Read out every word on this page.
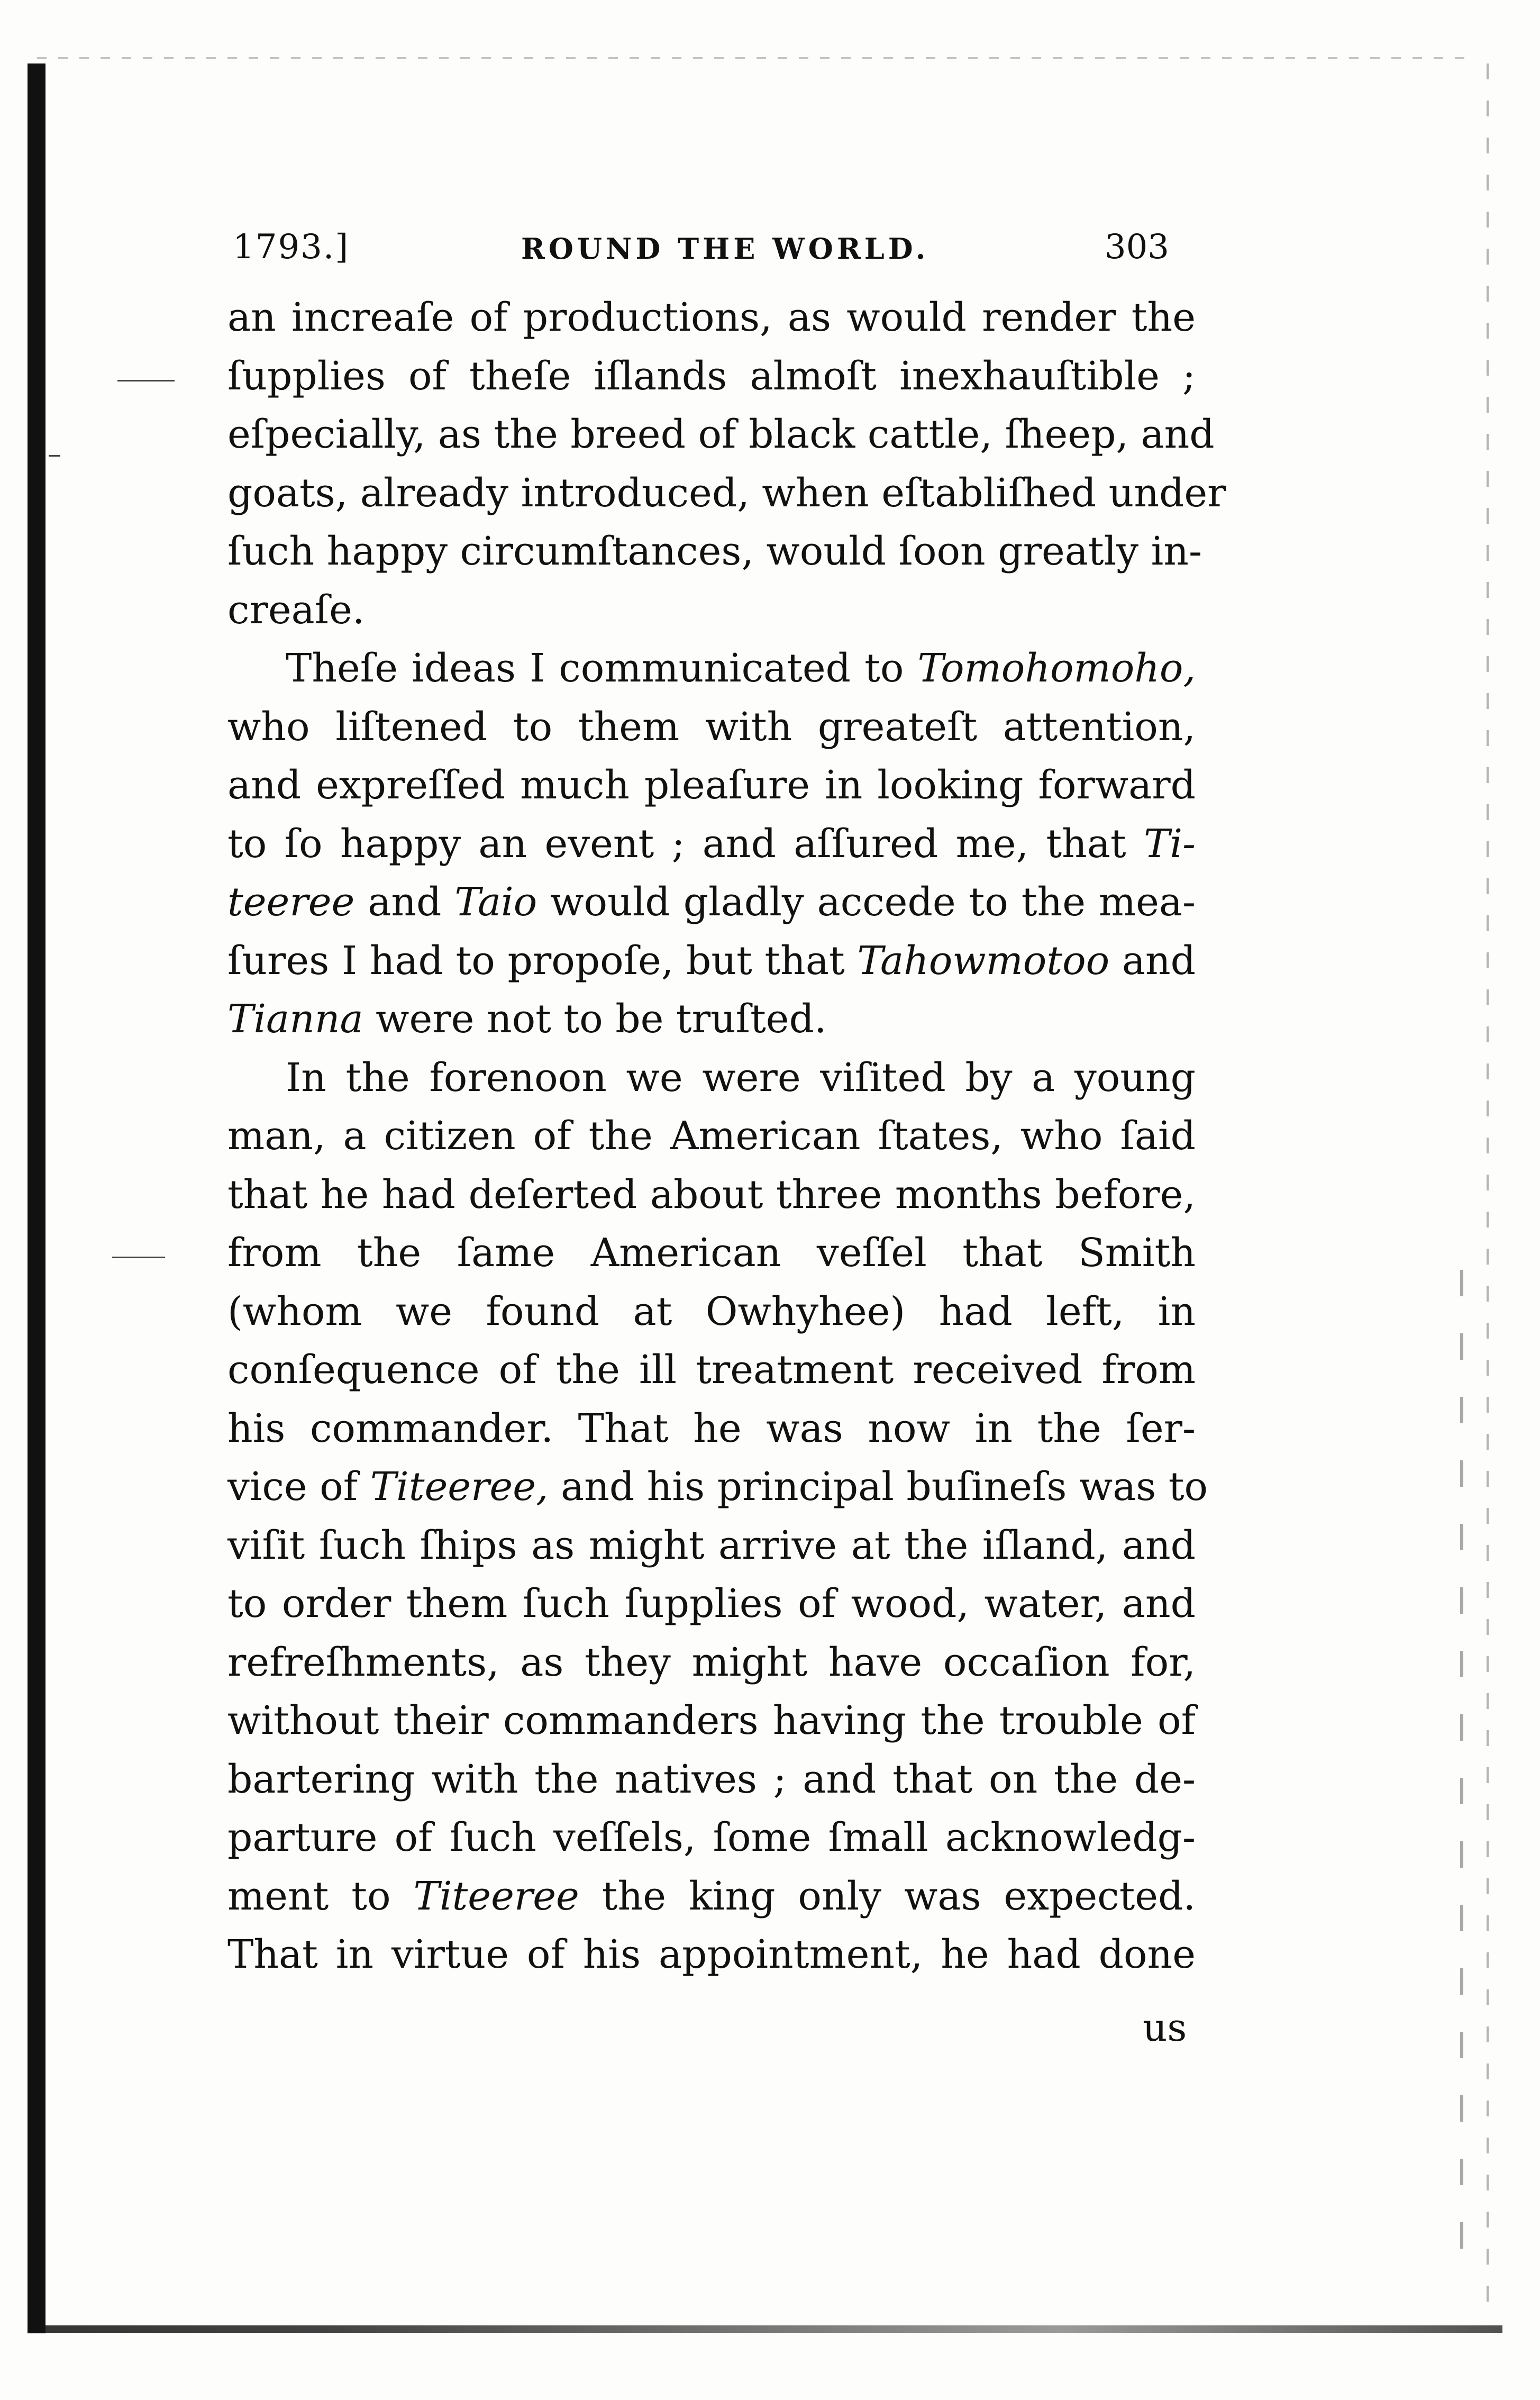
1793.]	ROUND THE WORLD.	303
an increaſe of productions, as would render the
ſupplies of theſe iſlands almoſt inexhauſtible ;
eſpecially, as the breed of black cattle, ſheep, and
goats, already introduced, when eſtabliſhed under
ſuch happy circumſtances, would ſoon greatly in-
creaſe.
Theſe ideas I communicated to Tomohomoho,
who liſtened to them with greateſt attention,
and expreſſed much pleaſure in looking forward
to ſo happy an event ; and aſſured me, that Ti-
teeree and Taio would gladly accede to the mea-
ſures I had to propoſe, but that Tahowmotoo and
Tianna were not to be truſted.
In the forenoon we were viſited by a young
man, a citizen of the American ſtates, who ſaid
that he had deſerted about three months before,
from the ſame American veſſel that Smith
(whom we found at Owhyhee) had left, in
conſequence of the ill treatment received from
his commander. That he was now in the ſer-
vice of Titeeree, and his principal buſineſs was to
viſit ſuch ſhips as might arrive at the iſland, and
to order them ſuch ſupplies of wood, water, and
refreſhments, as they might have occaſion for,
without their commanders having the trouble of
bartering with the natives ; and that on the de-
parture of ſuch veſſels, ſome ſmall acknowledg-
ment to Titeeree the king only was expected.
That in virtue of his appointment, he had done
us
